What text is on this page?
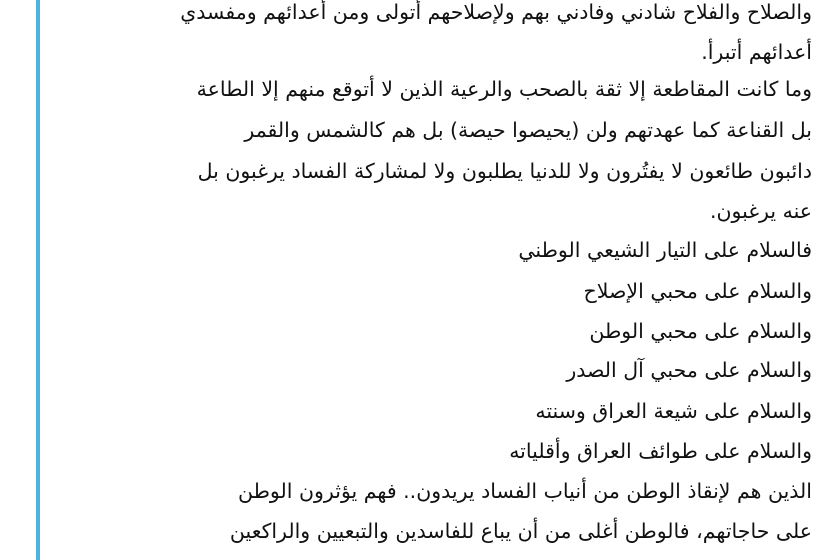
والصلاح والفلاح شادني وفادني بهم ولإصلاحهم أتولى ومن أعدائهم ومفسدي
أعدائهم أتبرأ.
وما كانت المقاطعة إلا ثقة بالصحب والرعية الذين لا أتوقع منهم إلا الطاعة
بل القناعة كما عهدتهم ولن (يحيصوا حيصة) بل هم كالشمس والقمر
دائبون طائعون لا يفتُرون ولا للدنيا يطلبون ولا لمشاركة الفساد يرغبون بل
عنه يرغبون.
فالسلام على التيار الشيعي الوطني
والسلام على محبي الإصلاح
والسلام على محبي الوطن
والسلام على محبي آل الصدر
والسلام على شيعة العراق وسنته
والسلام على طوائف العراق وأقلياته
الذين هم لإنقاذ الوطن من أنياب الفساد يريدون.. فهم يؤثرون الوطن
على حاجاتهم، فالوطن أغلى من أن يباع للفاسدين والتبعيين والراكعين
